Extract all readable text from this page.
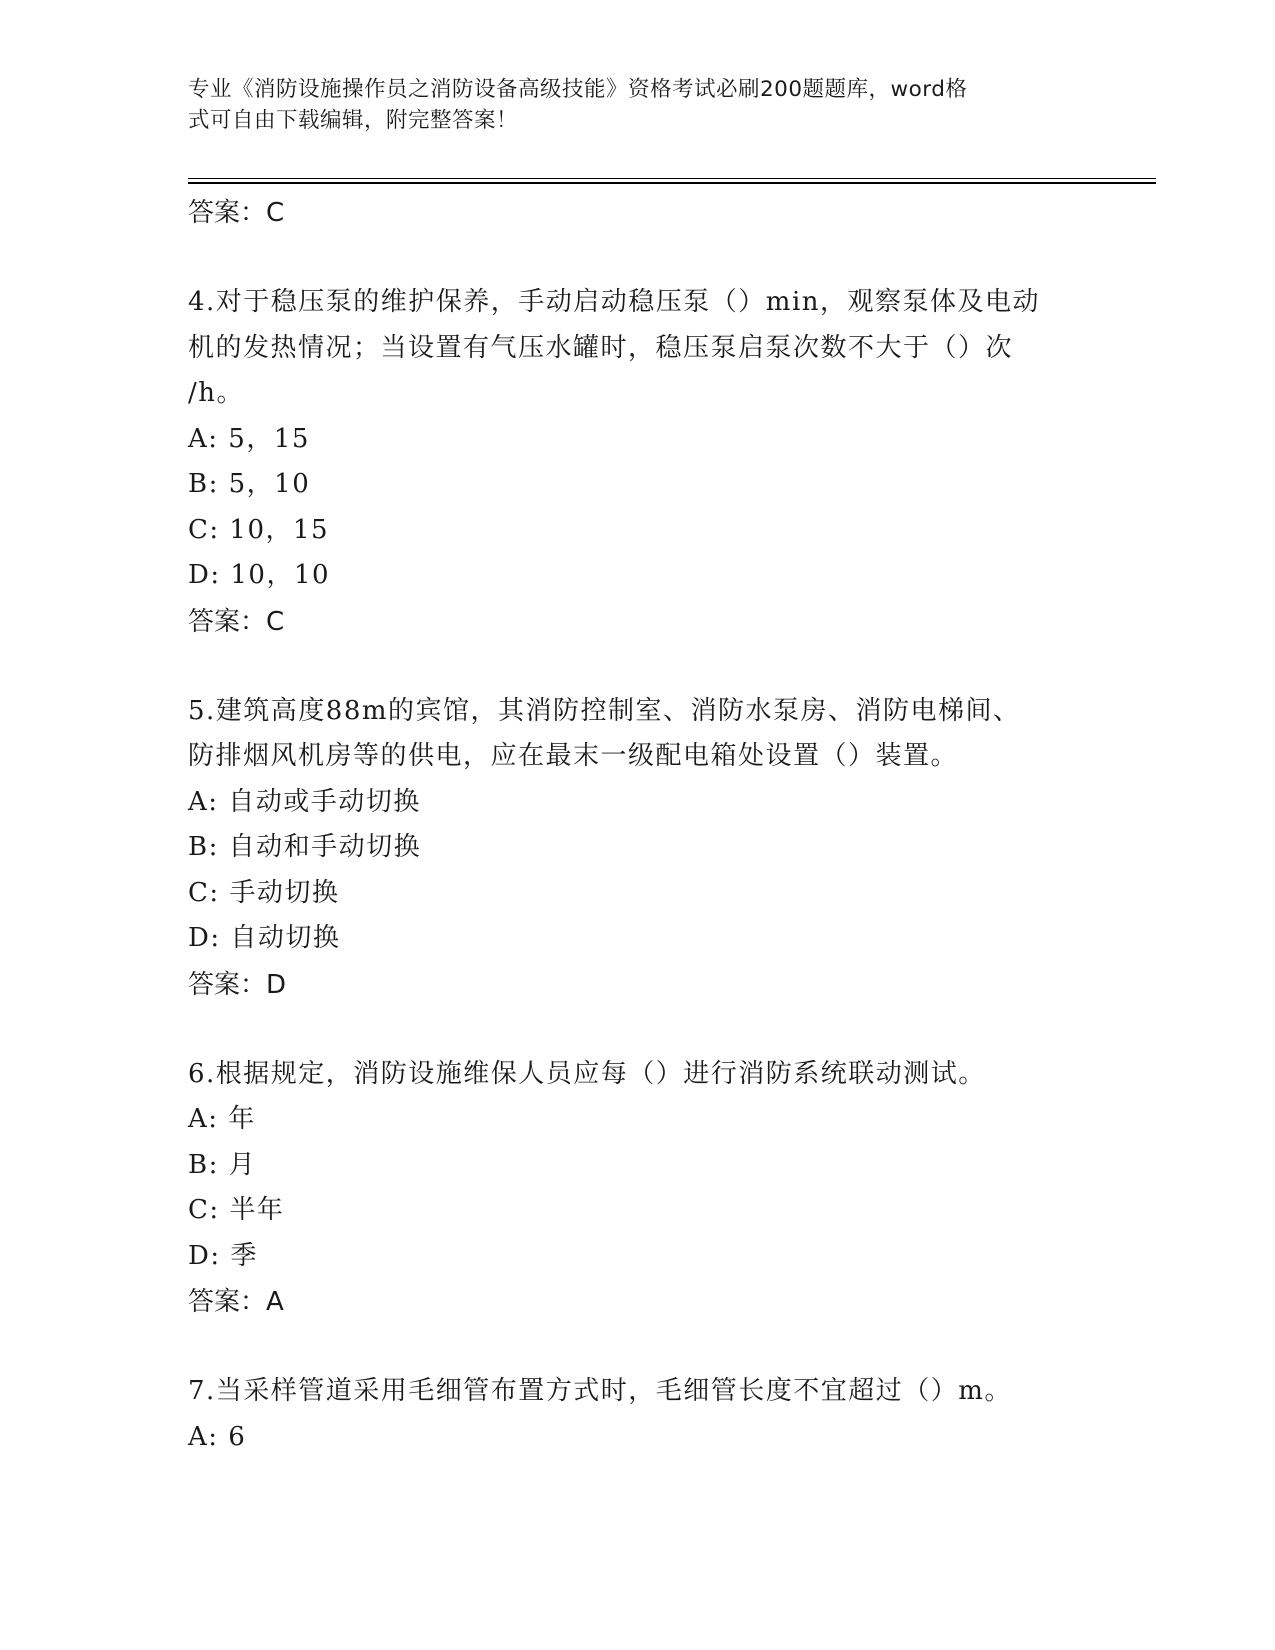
专业《消防设施操作员之消防设备高级技能》资格考试必刷200题题库，word格
式可自由下载编辑，附完整答案！
答案：C
4.对于稳压泵的维护保养，手动启动稳压泵（）min，观察泵体及电动
机的发热情况；当设置有气压水罐时，稳压泵启泵次数不大于（）次
/h。
A: 5，15
B: 5，10
C: 10，15
D: 10，10
答案：C
5.建筑高度88m的宾馆，其消防控制室、消防水泵房、消防电梯间、
防排烟风机房等的供电，应在最末一级配电箱处设置（）装置。
A: 自动或手动切换
B: 自动和手动切换
C: 手动切换
D: 自动切换
答案：D
6.根据规定，消防设施维保人员应每（）进行消防系统联动测试。
A: 年
B: 月
C: 半年
D: 季
答案：A
7.当采样管道采用毛细管布置方式时，毛细管长度不宜超过（）m。
A: 6
